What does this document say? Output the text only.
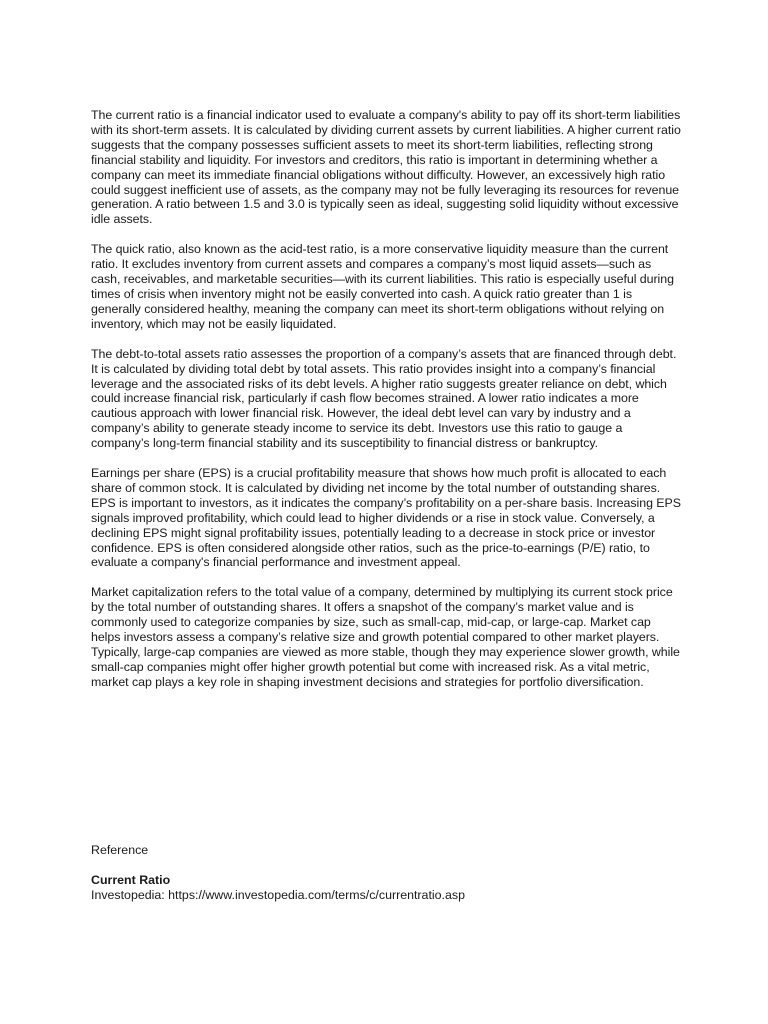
The current ratio is a financial indicator used to evaluate a company's ability to pay off its short-term liabilities with its short-term assets. It is calculated by dividing current assets by current liabilities. A higher current ratio suggests that the company possesses sufficient assets to meet its short-term liabilities, reflecting strong financial stability and liquidity. For investors and creditors, this ratio is important in determining whether a company can meet its immediate financial obligations without difficulty. However, an excessively high ratio could suggest inefficient use of assets, as the company may not be fully leveraging its resources for revenue generation. A ratio between 1.5 and 3.0 is typically seen as ideal, suggesting solid liquidity without excessive idle assets.

The quick ratio, also known as the acid-test ratio, is a more conservative liquidity measure than the current ratio. It excludes inventory from current assets and compares a company’s most liquid assets—such as cash, receivables, and marketable securities—with its current liabilities. This ratio is especially useful during times of crisis when inventory might not be easily converted into cash. A quick ratio greater than 1 is generally considered healthy, meaning the company can meet its short-term obligations without relying on inventory, which may not be easily liquidated.

The debt-to-total assets ratio assesses the proportion of a company’s assets that are financed through debt. It is calculated by dividing total debt by total assets. This ratio provides insight into a company’s financial leverage and the associated risks of its debt levels. A higher ratio suggests greater reliance on debt, which could increase financial risk, particularly if cash flow becomes strained. A lower ratio indicates a more cautious approach with lower financial risk. However, the ideal debt level can vary by industry and a company’s ability to generate steady income to service its debt. Investors use this ratio to gauge a company’s long-term financial stability and its susceptibility to financial distress or bankruptcy.

Earnings per share (EPS) is a crucial profitability measure that shows how much profit is allocated to each share of common stock. It is calculated by dividing net income by the total number of outstanding shares. EPS is important to investors, as it indicates the company’s profitability on a per-share basis. Increasing EPS signals improved profitability, which could lead to higher dividends or a rise in stock value. Conversely, a declining EPS might signal profitability issues, potentially leading to a decrease in stock price or investor confidence. EPS is often considered alongside other ratios, such as the price-to-earnings (P/E) ratio, to evaluate a company's financial performance and investment appeal.

Market capitalization refers to the total value of a company, determined by multiplying its current stock price by the total number of outstanding shares. It offers a snapshot of the company’s market value and is commonly used to categorize companies by size, such as small-cap, mid-cap, or large-cap. Market cap helps investors assess a company’s relative size and growth potential compared to other market players. Typically, large-cap companies are viewed as more stable, though they may experience slower growth, while small-cap companies might offer higher growth potential but come with increased risk. As a vital metric, market cap plays a key role in shaping investment decisions and strategies for portfolio diversification.

Reference

Current Ratio

Investopedia: https://www.investopedia.com/terms/c/currentratio.asp
